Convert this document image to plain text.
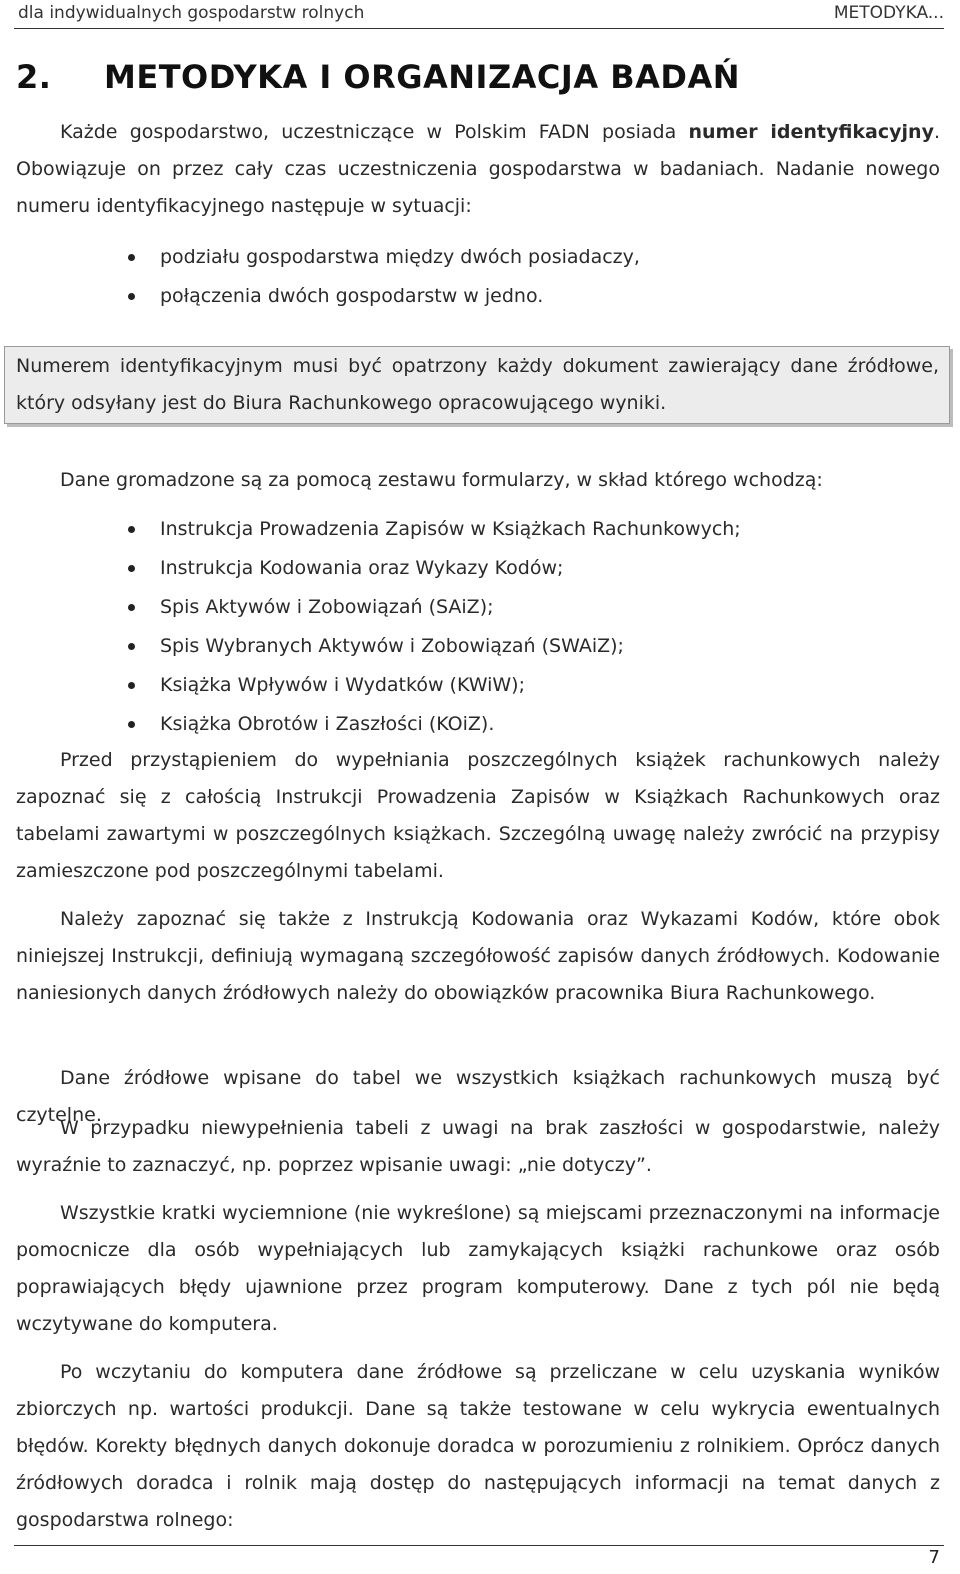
dla indywidualnych gospodarstw rolnych	METODYKA...
2. METODYKA I ORGANIZACJA BADAŃ

Każde gospodarstwo, uczestniczące w Polskim FADN posiada numer identyfikacyjny. Obowiązuje on przez cały czas uczestniczenia gospodarstwa w badaniach. Nadanie nowego numeru identyfikacyjnego następuje w sytuacji:

podziału gospodarstwa między dwóch posiadaczy,
połączenia dwóch gospodarstw w jedno.

Numerem identyfikacyjnym musi być opatrzony każdy dokument zawierający dane źródłowe, który odsyłany jest do Biura Rachunkowego opracowującego wyniki.

Dane gromadzone są za pomocą zestawu formularzy, w skład którego wchodzą:

Instrukcja Prowadzenia Zapisów w Książkach Rachunkowych;
Instrukcja Kodowania oraz Wykazy Kodów;
Spis Aktywów i Zobowiązań (SAiZ);
Spis Wybranych Aktywów i Zobowiązań (SWAiZ);
Książka Wpływów i Wydatków (KWiW);
Książka Obrotów i Zaszłości (KOiZ).

Przed przystąpieniem do wypełniania poszczególnych książek rachunkowych należy zapoznać się z całością Instrukcji Prowadzenia Zapisów w Książkach Rachunkowych oraz tabelami zawartymi w poszczególnych książkach. Szczególną uwagę należy zwrócić na przypisy zamieszczone pod poszczególnymi tabelami.

Należy zapoznać się także z Instrukcją Kodowania oraz Wykazami Kodów, które obok niniejszej Instrukcji, definiują wymaganą szczegółowość zapisów danych źródłowych. Kodowanie naniesionych danych źródłowych należy do obowiązków pracownika Biura Rachunkowego.

Dane źródłowe wpisane do tabel we wszystkich książkach rachunkowych muszą być czytelne.

W przypadku niewypełnienia tabeli z uwagi na brak zaszłości w gospodarstwie, należy wyraźnie to zaznaczyć, np. poprzez wpisanie uwagi: „nie dotyczy”.

Wszystkie kratki wyciemnione (nie wykreślone) są miejscami przeznaczonymi na informacje pomocnicze dla osób wypełniających lub zamykających książki rachunkowe oraz osób poprawiających błędy ujawnione przez program komputerowy. Dane z tych pól nie będą wczytywane do komputera.

Po wczytaniu do komputera dane źródłowe są przeliczane w celu uzyskania wyników zbiorczych np. wartości produkcji. Dane są także testowane w celu wykrycia ewentualnych błędów. Korekty błędnych danych dokonuje doradca w porozumieniu z rolnikiem. Oprócz danych źródłowych doradca i rolnik mają dostęp do następujących informacji na temat danych z gospodarstwa rolnego:

7
